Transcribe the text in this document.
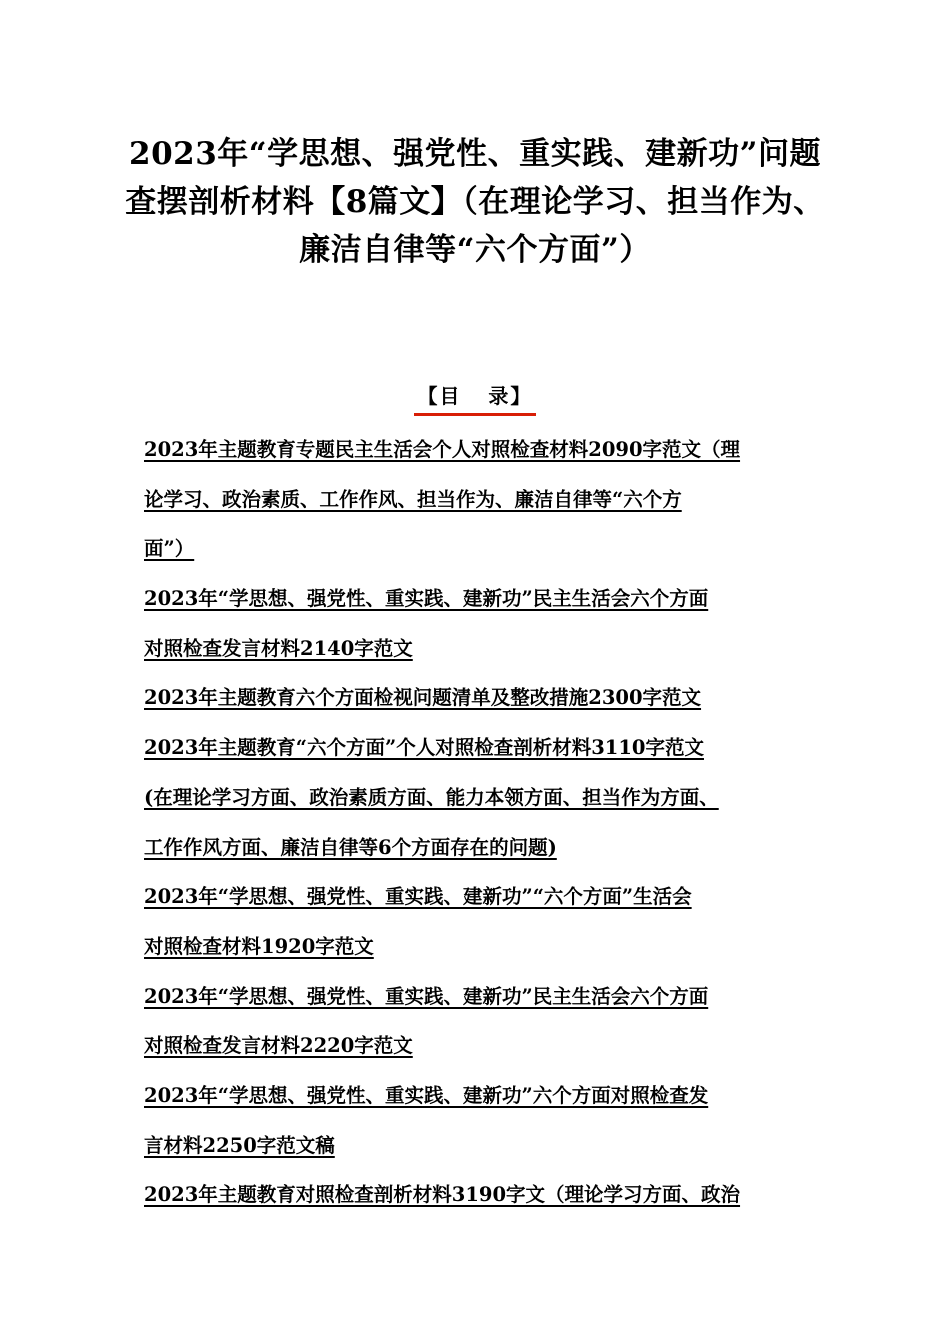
2023年“学思想、强党性、重实践、建新功”问题
查摆剖析材料【8篇文】（在理论学习、担当作为、
廉洁自律等“六个方面”）
【目   录】
2023年主题教育专题民主生活会个人对照检查材料2090字范文（理
论学习、政治素质、工作作风、担当作为、廉洁自律等“六个方
面”）
2023年“学思想、强党性、重实践、建新功”民主生活会六个方面
对照检查发言材料2140字范文
2023年主题教育六个方面检视问题清单及整改措施2300字范文
2023年主题教育“六个方面”个人对照检查剖析材料3110字范文
(在理论学习方面、政治素质方面、能力本领方面、担当作为方面、
工作作风方面、廉洁自律等6个方面存在的问题)
2023年“学思想、强党性、重实践、建新功”“六个方面”生活会
对照检查材料1920字范文
2023年“学思想、强党性、重实践、建新功”民主生活会六个方面
对照检查发言材料2220字范文
2023年“学思想、强党性、重实践、建新功”六个方面对照检查发
言材料2250字范文稿
2023年主题教育对照检查剖析材料3190字文（理论学习方面、政治
